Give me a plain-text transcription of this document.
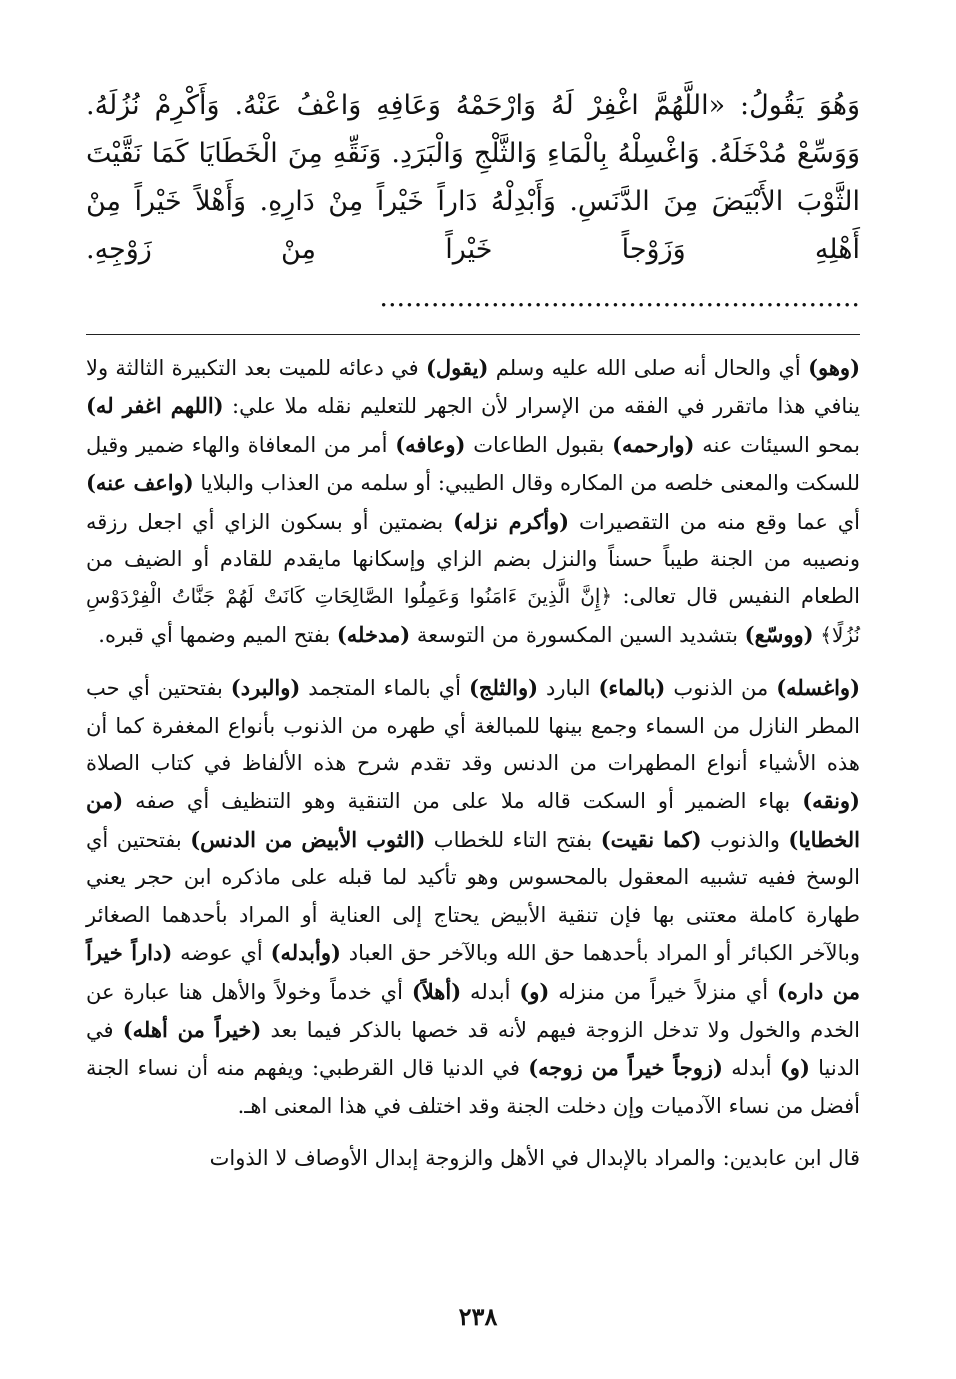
وَهُوَ يَقُولُ: «اللَّهُمَّ اغْفِرْ لَهُ وَارْحَمْهُ وَعَافِهِ وَاعْفُ عَنْهُ. وَأَكْرِمْ نُزُلَهُ. وَوَسِّعْ مُدْخَلَهُ. وَاغْسِلْهُ بِالْمَاءِ وَالثَّلْجِ وَالْبَرَدِ. وَنَقِّهِ مِنَ الْخَطَايَا كَمَا نَقَّيْتَ الثَّوْبَ الأَبْيَضَ مِنَ الدَّنَسِ. وَأَبْدِلْهُ دَاراً خَيْراً مِنْ دَارِهِ. وَأَهْلاً خَيْراً مِنْ أَهْلِهِ وَزَوْجاً خَيْراً مِنْ زَوْجِهِ. ........................................................

(وهو) أي والحال أنه صلى الله عليه وسلم (يقول) في دعائه للميت بعد التكبيرة الثالثة ولا ينافي هذا ماتقرر في الفقه من الإسرار لأن الجهر للتعليم نقله ملا علي: (اللهم اغفر له) بمحو السيئات عنه (وارحمه) بقبول الطاعات (وعافه) أمر من المعافاة والهاء ضمير وقيل للسكت والمعنى خلصه من المكاره وقال الطيبي: أو سلمه من العذاب والبلايا (واعف عنه) أي عما وقع منه من التقصيرات (وأكرم نزله) بضمتين أو بسكون الزاي أي اجعل رزقه ونصيبه من الجنة طيباً حسناً والنزل بضم الزاي وإسكانها مايقدم للقادم أو الضيف من الطعام النفيس قال تعالى: ﴿إِنَّ الَّذِينَ ءَامَنُوا وَعَمِلُوا الصَّالِحَاتِ كَانَتْ لَهُمْ جَنَّاتُ الْفِرْدَوْسِ نُزُلًا﴾ (ووسّع) بتشديد السين المكسورة من التوسعة (مدخله) بفتح الميم وضمها أي قبره.

(واغسله) من الذنوب (بالماء) البارد (والثلج) أي بالماء المتجمد (والبرد) بفتحتين أي حب المطر النازل من السماء وجمع بينها للمبالغة أي طهره من الذنوب بأنواع المغفرة كما أن هذه الأشياء أنواع المطهرات من الدنس وقد تقدم شرح هذه الألفاظ في كتاب الصلاة (ونقه) بهاء الضمير أو السكت قاله ملا على من التنقية وهو التنظيف أي صفه (من الخطايا) والذنوب (كما نقيت) بفتح التاء للخطاب (الثوب الأبيض من الدنس) بفتحتين أي الوسخ ففيه تشبيه المعقول بالمحسوس وهو تأكيد لما قبله على ماذكره ابن حجر يعني طهارة كاملة معتنى بها فإن تنقية الأبيض يحتاج إلى العناية أو المراد بأحدهما الصغائر وبالآخر الكبائر أو المراد بأحدهما حق الله وبالآخر حق العباد (وأبدله) أي عوضه (داراً خيراً من داره) أي منزلاً خيراً من منزله (و) أبدله (أهلاً) أي خدماً وخولاً والأهل هنا عبارة عن الخدم والخول ولا تدخل الزوجة فيهم لأنه قد خصها بالذكر فيما بعد (خيراً من أهله) في الدنيا (و) أبدله (زوجاً خيراً من زوجه) في الدنيا قال القرطبي: ويفهم منه أن نساء الجنة أفضل من نساء الآدميات وإن دخلت الجنة وقد اختلف في هذا المعنى اهـ.

قال ابن عابدين: والمراد بالإبدال في الأهل والزوجة إبدال الأوصاف لا الذوات

٢٣٨
